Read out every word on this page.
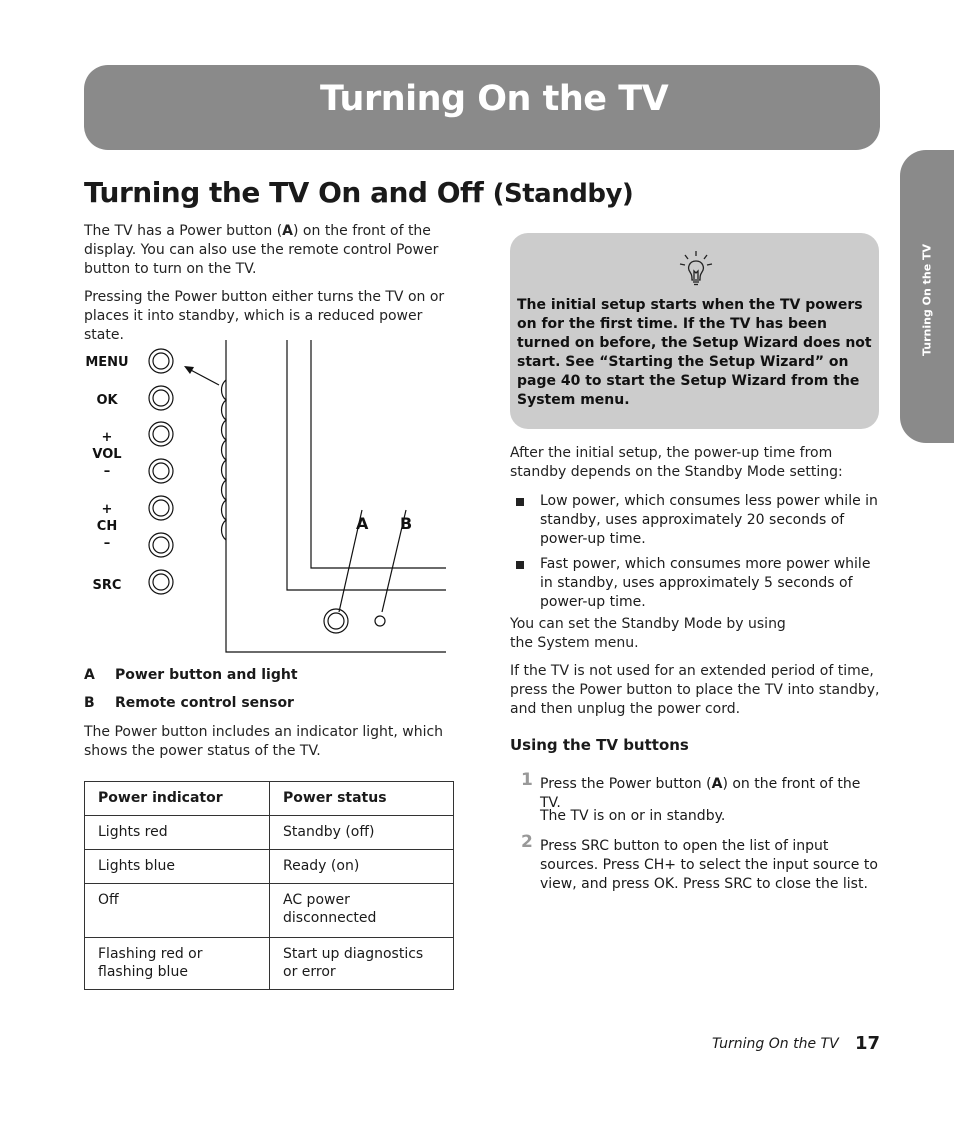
Turning On the TV
Turning On the TV
Turning the TV On and Off (Standby)
The TV has a Power button (A) on the front of the display. You can also use the remote control Power button to turn on the TV.
Pressing the Power button either turns the TV on or places it into standby, which is a reduced power state.
MENU
OK
+
VOL
–
+
CH
–
SRC
A B
A Power button and light
B Remote control sensor
The Power button includes an indicator light, which shows the power status of the TV.
Power indicator	Power status
Lights red	Standby (off)
Lights blue	Ready (on)
Off	AC power disconnected
Flashing red or flashing blue	Start up diagnostics or error

The initial setup starts when the TV powers on for the first time. If the TV has been turned on before, the Setup Wizard does not start. See “Starting the Setup Wizard” on page 40 to start the Setup Wizard from the System menu.

After the initial setup, the power-up time from standby depends on the Standby Mode setting:
Low power, which consumes less power while in standby, uses approximately 20 seconds of power-up time.
Fast power, which consumes more power while in standby, uses approximately 5 seconds of power-up time.
You can set the Standby Mode by using the System menu.
If the TV is not used for an extended period of time, press the Power button to place the TV into standby, and then unplug the power cord.
Using the TV buttons
1 Press the Power button (A) on the front of the TV.
The TV is on or in standby.
2 Press SRC button to open the list of input sources. Press CH+ to select the input source to view, and press OK. Press SRC to close the list.
Turning On the TV 17
